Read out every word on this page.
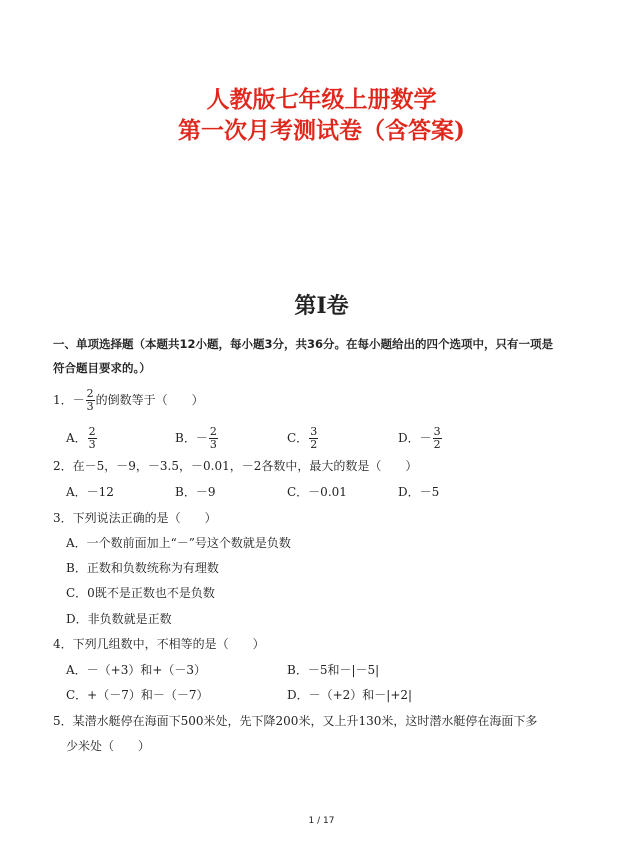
人教版七年级上册数学
第一次月考测试卷（含答案)
第Ⅰ卷
一、单项选择题（本题共12小题，每小题3分，共36分。在每小题给出的四个选项中，只有一项是
符合题目要求的。）
1．－ $\frac{2}{3}$ 的倒数等于（　　）
A． $\frac{2}{3}$	B．－ $\frac{2}{3}$	C． $\frac{3}{2}$	D．－ $\frac{3}{2}$
2．在－5，－9，－3.5，－0.01，－2各数中，最大的数是（　　）
A．－12	B．－9	C．－0.01	D．－5
3．下列说法正确的是（　　）
A．一个数前面加上“－”号这个数就是负数
B．正数和负数统称为有理数
C．0既不是正数也不是负数
D．非负数就是正数
4．下列几组数中，不相等的是（　　）
A．－（+3）和+（－3）	B．－5和－|－5|
C．+（－7）和－（－7）	D．－（+2）和－|+2|
5．某潜水艇停在海面下500米处，先下降200米，又上升130米，这时潜水艇停在海面下多
少米处（　　）
1 / 17
